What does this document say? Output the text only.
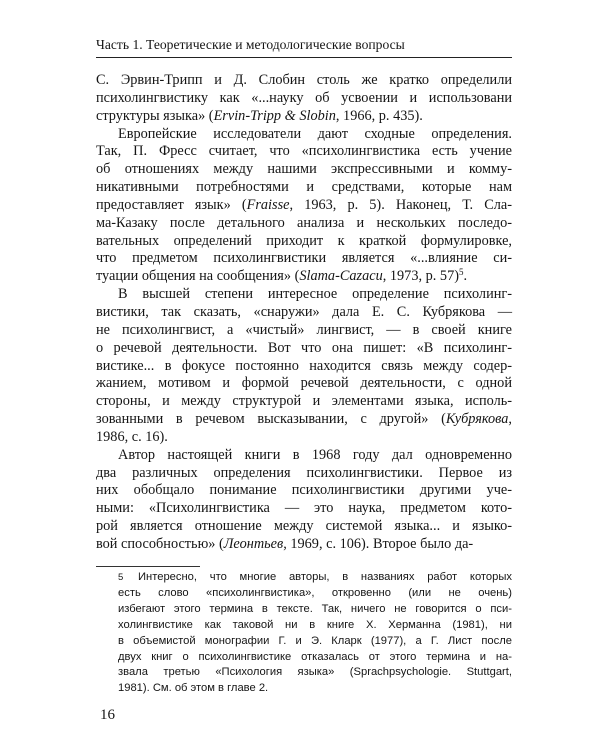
Часть 1. Теоретические и методологические вопросы

С. Эрвин-Трипп и Д. Слобин столь же кратко определили
психолингвистику как «...науку об усвоении и использовани
структуры языка» (Ervin-Tripp & Slobin, 1966, p. 435).

Европейские исследователи дают сходные определения.
Так, П. Фресс считает, что «психолингвистика есть учение
об отношениях между нашими экспрессивными и комму-
никативными потребностями и средствами, которые нам
предоставляет язык» (Fraisse, 1963, p. 5). Наконец, Т. Сла-
ма-Казаку после детального анализа и нескольких последо-
вательных определений приходит к краткой формулировке,
что предметом психолингвистики является «...влияние си-
туации общения на сообщения» (Slama-Cazacu, 1973, p. 57)$^5$.

В высшей степени интересное определение психолинг-
вистики, так сказать, «снаружи» дала Е. С. Кубрякова —
не психолингвист, а «чистый» лингвист, — в своей книге
о речевой деятельности. Вот что она пишет: «В психолинг-
вистике... в фокусе постоянно находится связь между содер-
жанием, мотивом и формой речевой деятельности, с одной
стороны, и между структурой и элементами языка, исполь-
зованными в речевом высказывании, с другой» (Кубрякова,
1986, с. 16).

Автор настоящей книги в 1968 году дал одновременно
два различных определения психолингвистики. Первое из
них обобщало понимание психолингвистики другими уче-
ными: «Психолингвистика — это наука, предметом кото-
рой является отношение между системой языка... и языко-
вой способностью» (Леонтьев, 1969, с. 106). Второе было да-

5 Интересно, что многие авторы, в названиях работ которых
есть слово «психолингвистика», откровенно (или не очень)
избегают этого термина в тексте. Так, ничего не говорится о пси-
холингвистике как таковой ни в книге Х. Херманна (1981), ни
в объемистой монографии Г. и Э. Кларк (1977), а Г. Лист после
двух книг о психолингвистике отказалась от этого термина и на-
звала третью «Психология языка» (Sprachpsychologie. Stuttgart,
1981). См. об этом в главе 2.
16
